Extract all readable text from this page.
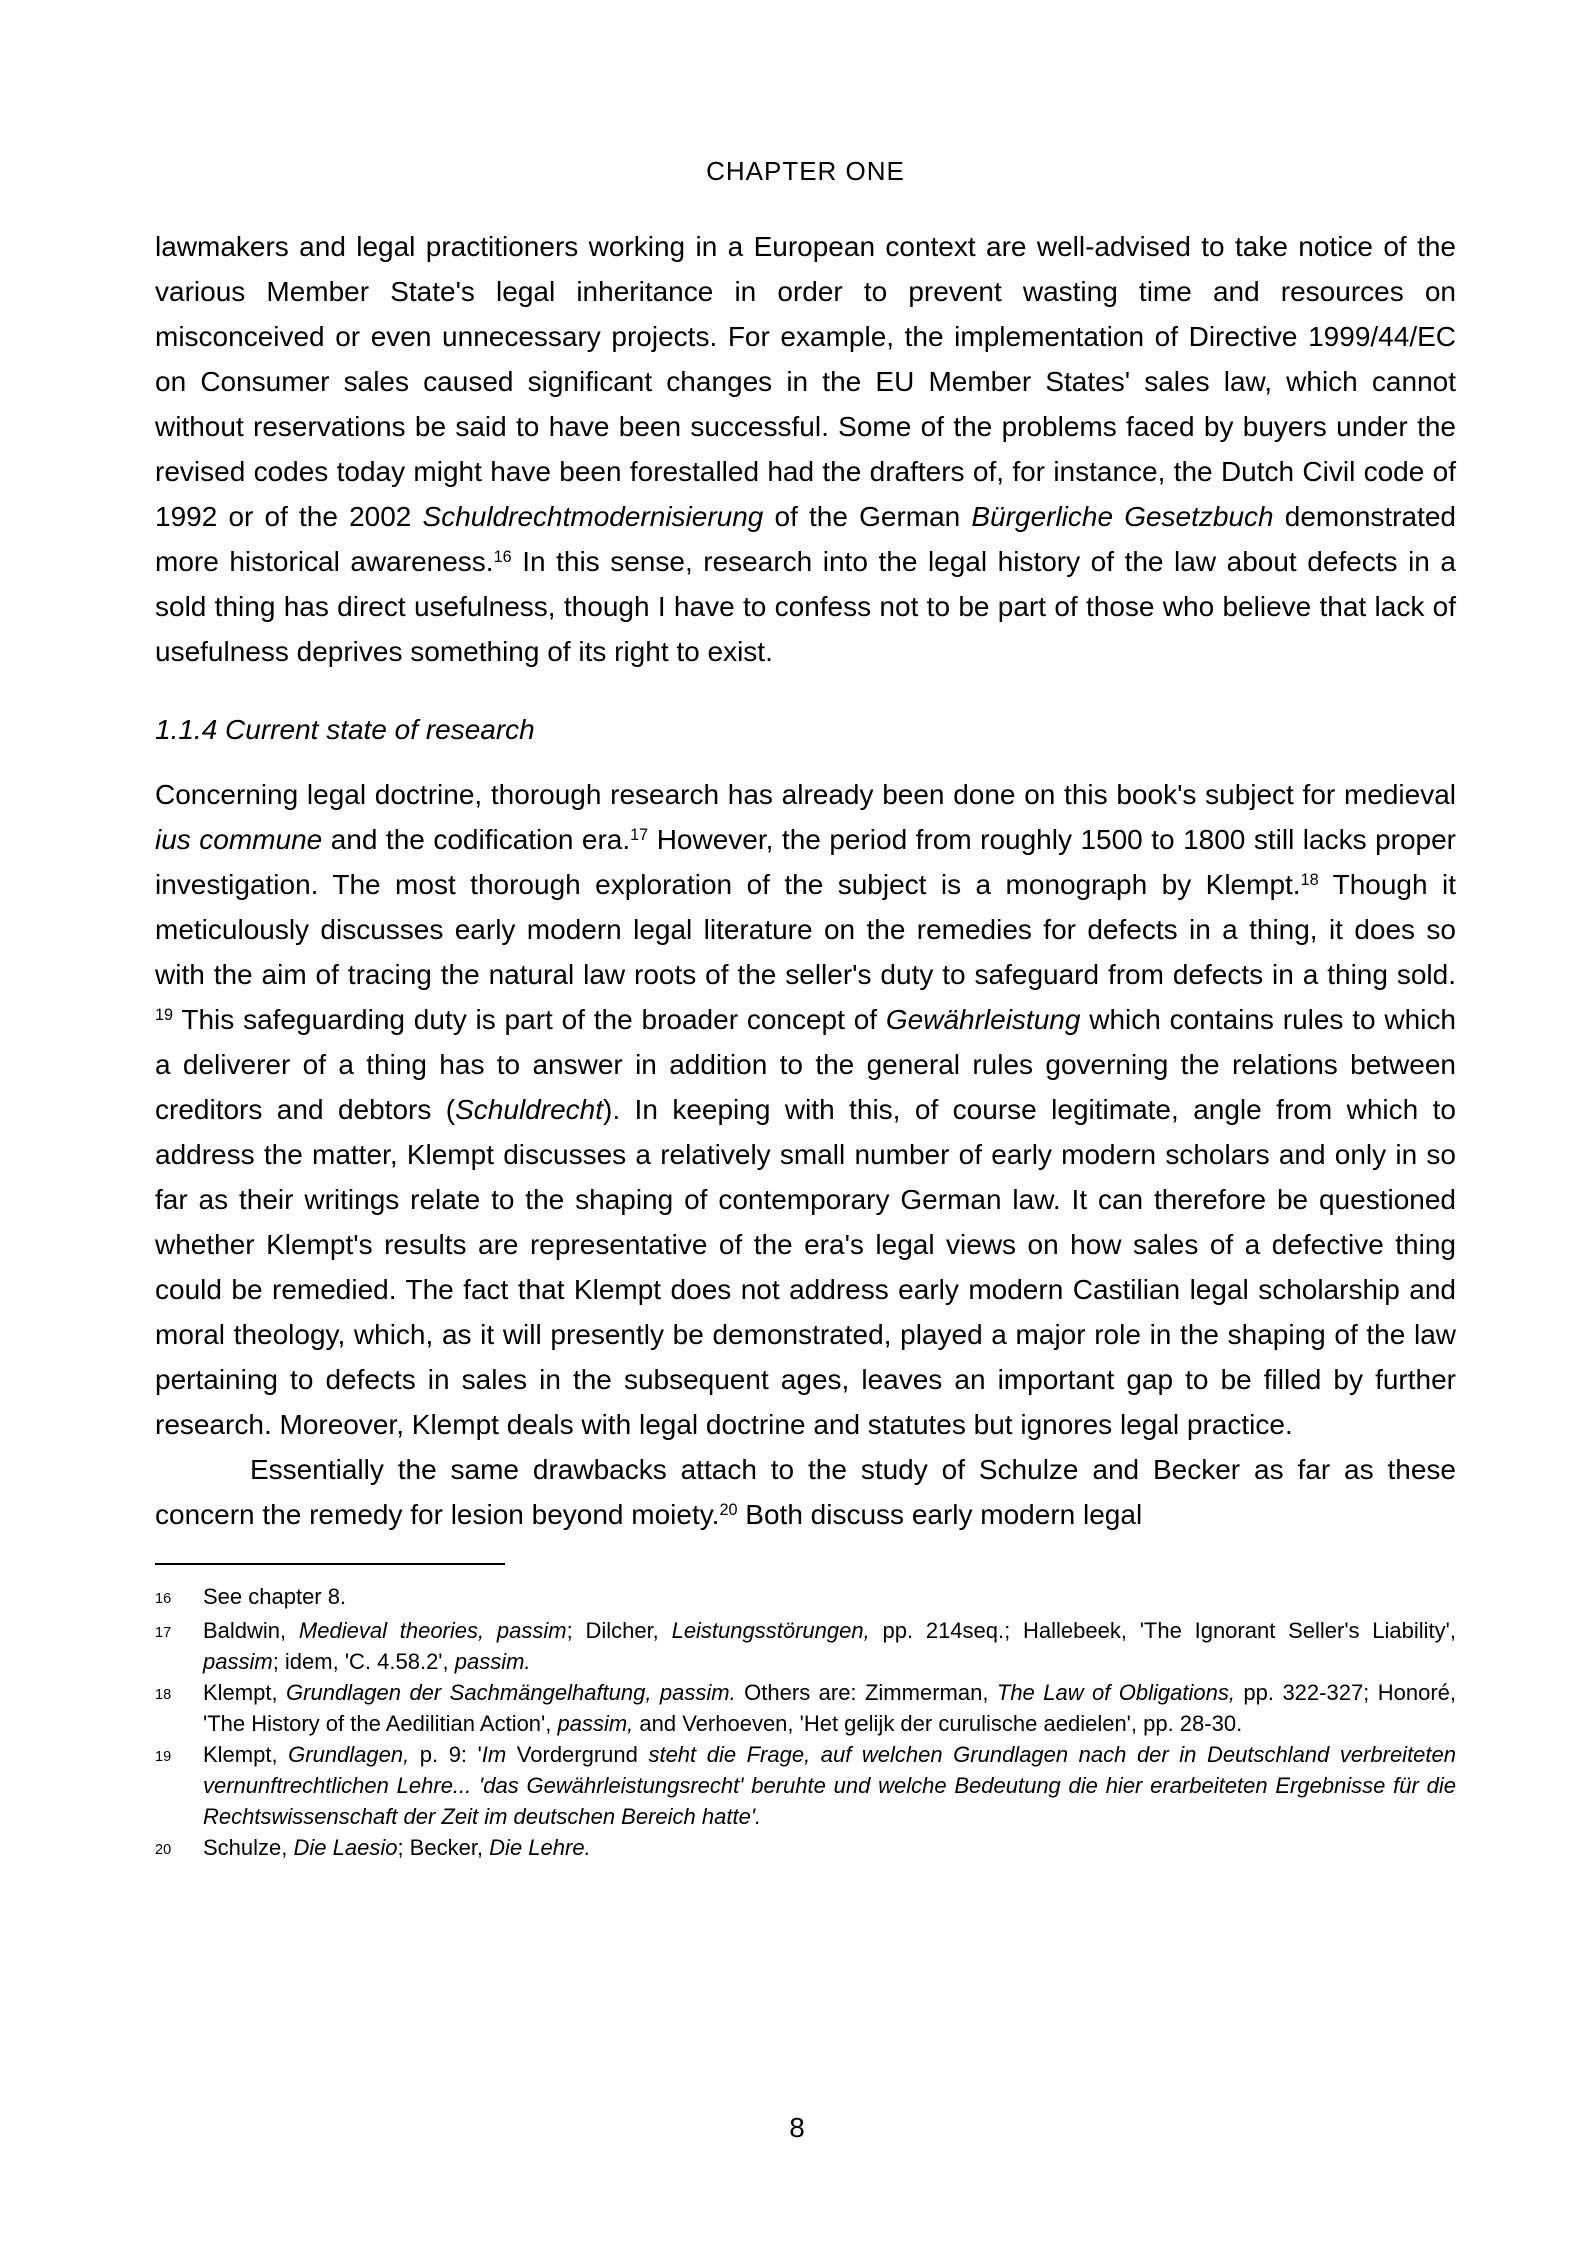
CHAPTER ONE

lawmakers and legal practitioners working in a European context are well-advised to take notice of the various Member State's legal inheritance in order to prevent wasting time and resources on misconceived or even unnecessary projects. For example, the implementation of Directive 1999/44/EC on Consumer sales caused significant changes in the EU Member States' sales law, which cannot without reservations be said to have been successful. Some of the problems faced by buyers under the revised codes today might have been forestalled had the drafters of, for instance, the Dutch Civil code of 1992 or of the 2002 Schuldrechtmodernisierung of the German Bürgerliche Gesetzbuch demonstrated more historical awareness.$^{16}$ In this sense, research into the legal history of the law about defects in a sold thing has direct usefulness, though I have to confess not to be part of those who believe that lack of usefulness deprives something of its right to exist.

1.1.4 Current state of research

Concerning legal doctrine, thorough research has already been done on this book's subject for medieval ius commune and the codification era.$^{17}$ However, the period from roughly 1500 to 1800 still lacks proper investigation. The most thorough exploration of the subject is a monograph by Klempt.$^{18}$ Though it meticulously discusses early modern legal literature on the remedies for defects in a thing, it does so with the aim of tracing the natural law roots of the seller's duty to safeguard from defects in a thing sold. $^{19}$ This safeguarding duty is part of the broader concept of Gewährleistung which contains rules to which a deliverer of a thing has to answer in addition to the general rules governing the relations between creditors and debtors (Schuldrecht). In keeping with this, of course legitimate, angle from which to address the matter, Klempt discusses a relatively small number of early modern scholars and only in so far as their writings relate to the shaping of contemporary German law. It can therefore be questioned whether Klempt's results are representative of the era's legal views on how sales of a defective thing could be remedied. The fact that Klempt does not address early modern Castilian legal scholarship and moral theology, which, as it will presently be demonstrated, played a major role in the shaping of the law pertaining to defects in sales in the subsequent ages, leaves an important gap to be filled by further research. Moreover, Klempt deals with legal doctrine and statutes but ignores legal practice.

Essentially the same drawbacks attach to the study of Schulze and Becker as far as these concern the remedy for lesion beyond moiety.$^{20}$ Both discuss early modern legal

16	See chapter 8.
17	Baldwin, Medieval theories, passim; Dilcher, Leistungsstörungen, pp. 214seq.; Hallebeek, 'The Ignorant Seller's Liability', passim; idem, 'C. 4.58.2', passim.
18	Klempt, Grundlagen der Sachmängelhaftung, passim. Others are: Zimmerman, The Law of Obligations, pp. 322-327; Honoré, 'The History of the Aedilitian Action', passim, and Verhoeven, 'Het gelijk der curulische aedielen', pp. 28-30.
19	Klempt, Grundlagen, p. 9: 'Im Vordergrund steht die Frage, auf welchen Grundlagen nach der in Deutschland verbreiteten vernunftrechtlichen Lehre... 'das Gewährleistungsrecht' beruhte und welche Bedeutung die hier erarbeiteten Ergebnisse für die Rechtswissenschaft der Zeit im deutschen Bereich hatte'.
20	Schulze, Die Laesio; Becker, Die Lehre.
8
